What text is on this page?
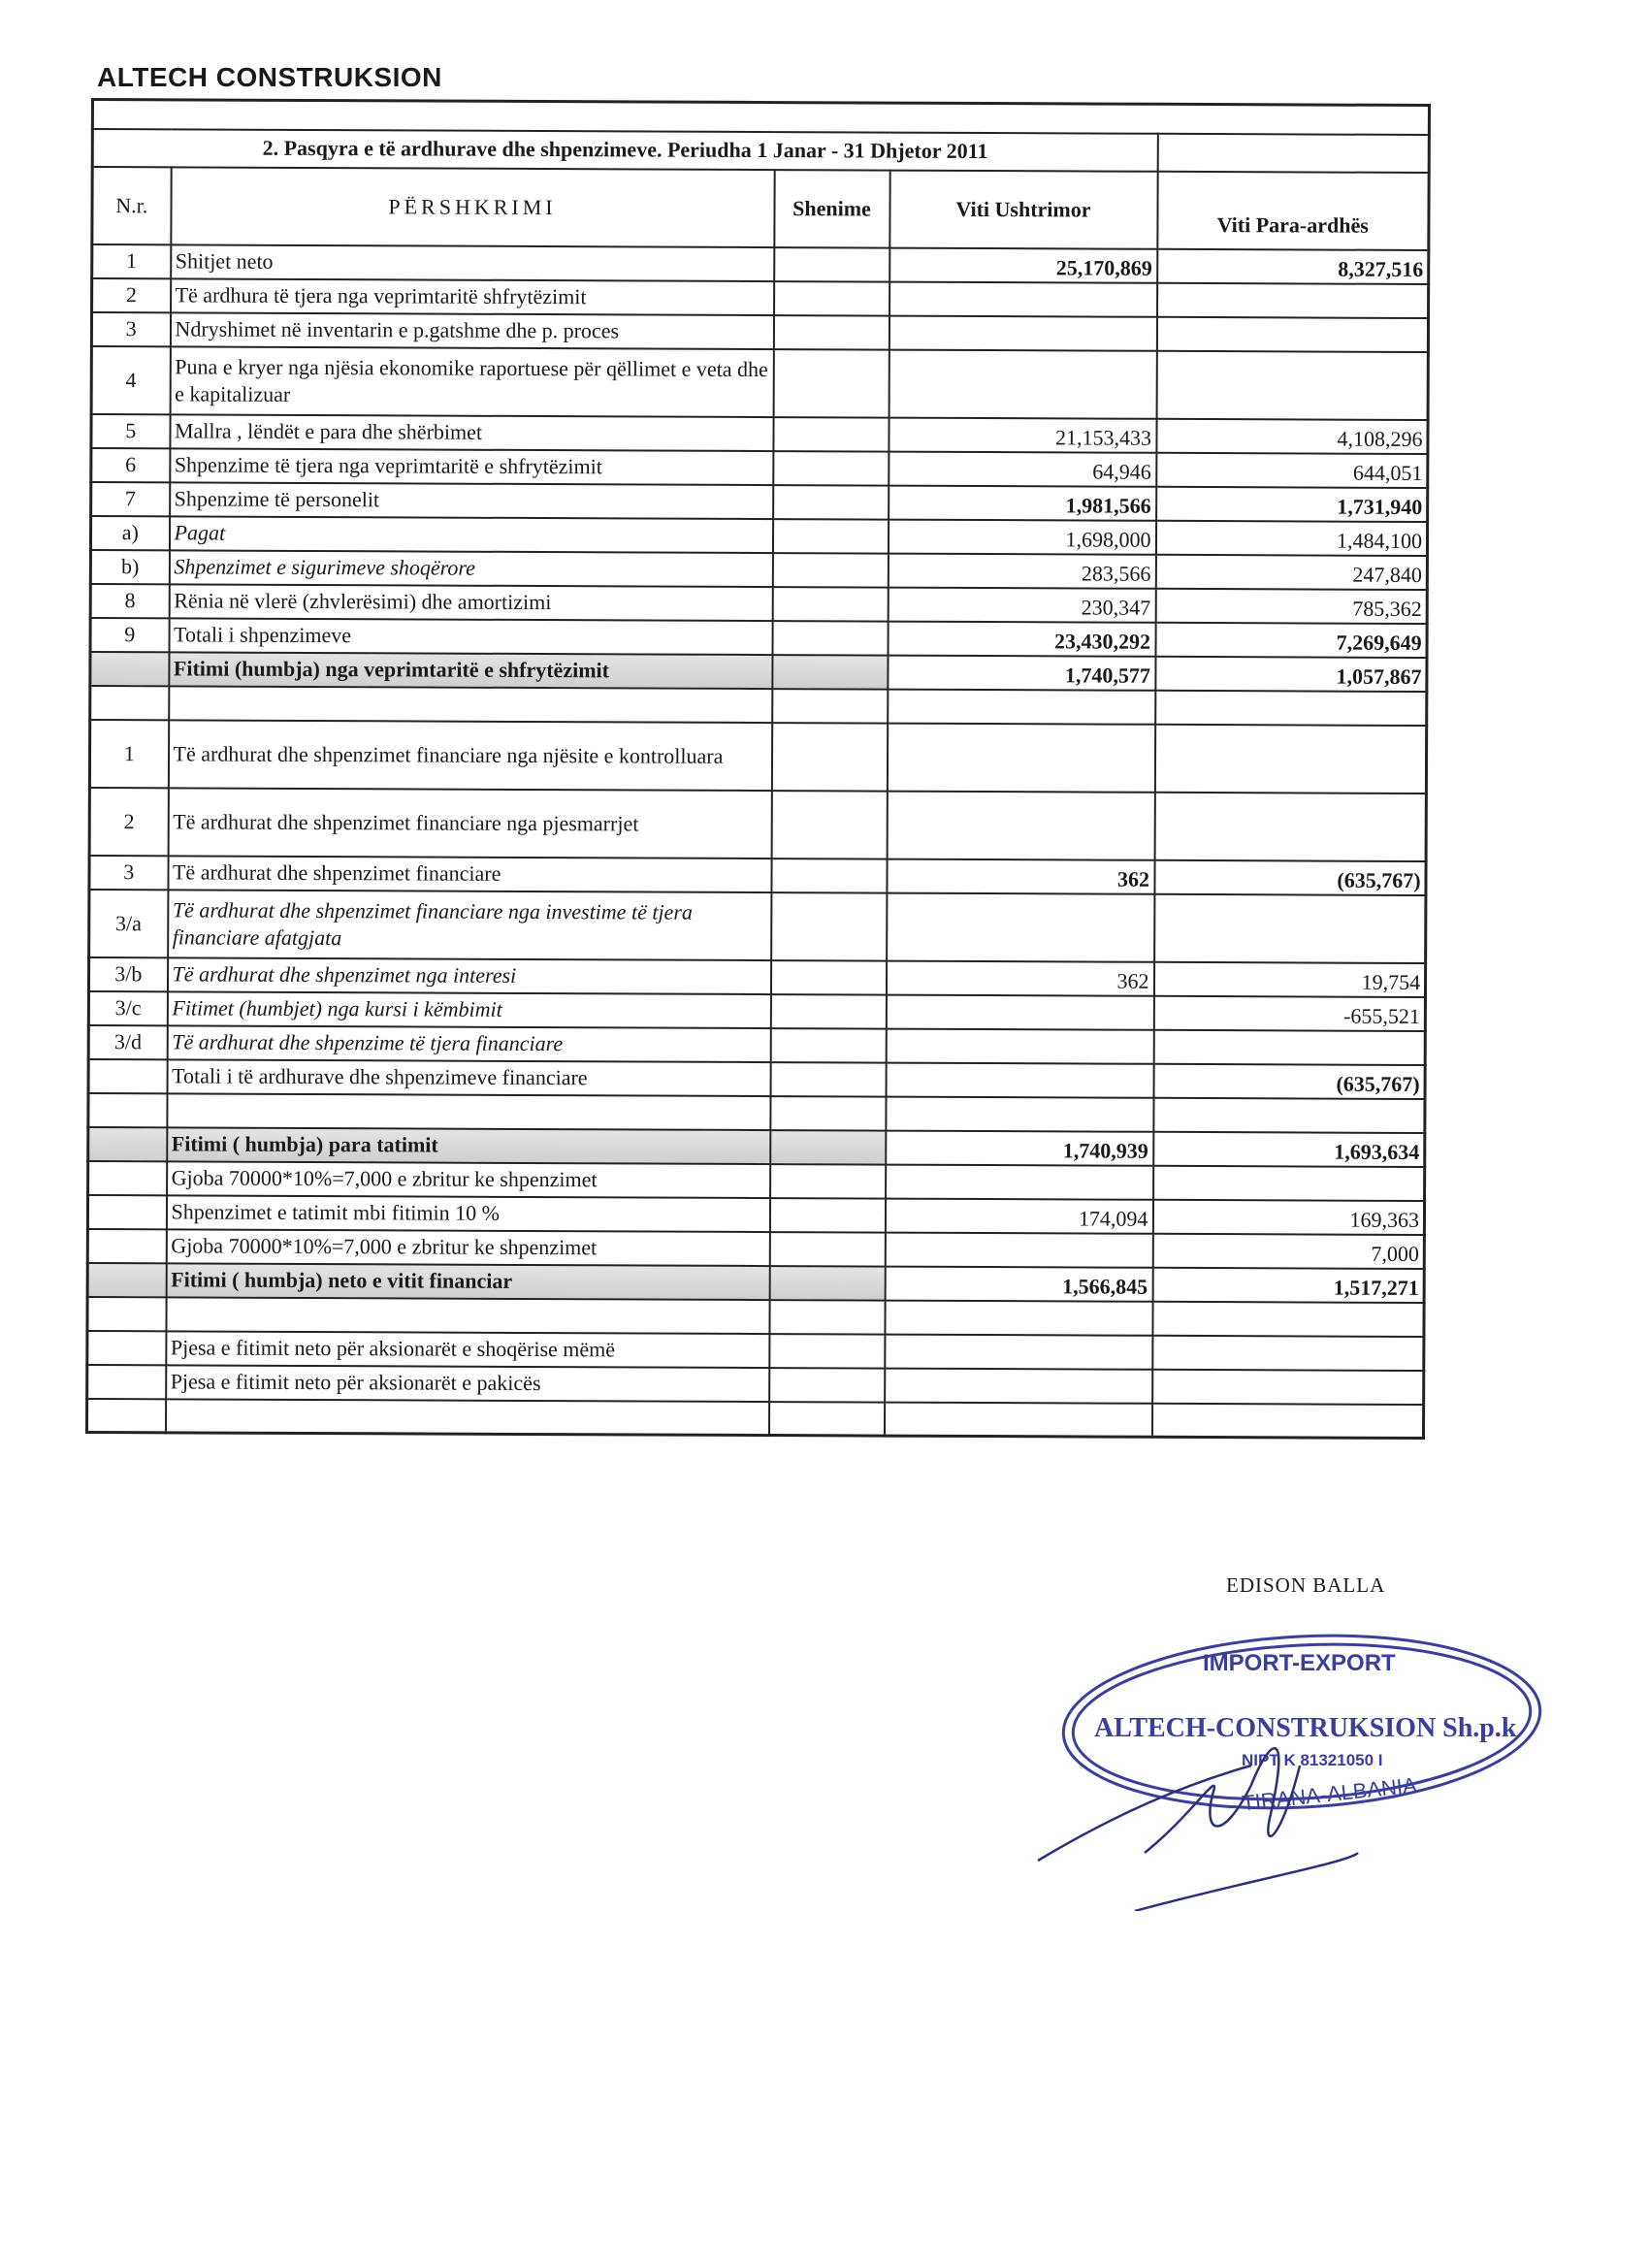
ALTECH CONSTRUKSION

2. Pasqyra e të ardhurave dhe shpenzimeve. Periudha 1 Janar - 31 Dhjetor 2011				
N.r.	PËRSHKRIMI	Shenime	Viti Ushtrimor	Viti Para-ardhës
1	Shitjet neto		25,170,869	8,327,516
2	Të ardhura të tjera nga veprimtaritë shfrytëzimit			
3	Ndryshimet në inventarin e p.gatshme dhe p. proces			
4	Puna e kryer nga njësia ekonomike raportuese për qëllimet e veta dhe e kapitalizuar			
5	Mallra , lëndët e para dhe shërbimet		21,153,433	4,108,296
6	Shpenzime të tjera nga veprimtaritë e shfrytëzimit		64,946	644,051
7	Shpenzime të personelit		1,981,566	1,731,940
a)	Pagat		1,698,000	1,484,100
b)	Shpenzimet e sigurimeve shoqërore		283,566	247,840
8	Rënia në vlerë (zhvlerësimi) dhe amortizimi		230,347	785,362
9	Totali i shpenzimeve		23,430,292	7,269,649
	Fitimi (humbja) nga veprimtaritë e shfrytëzimit		1,740,577	1,057,867

1	Të ardhurat dhe shpenzimet financiare nga njësite e kontrolluara			
2	Të ardhurat dhe shpenzimet financiare nga pjesmarrjet			
3	Të ardhurat dhe shpenzimet financiare		362	(635,767)
3/a	Të ardhurat dhe shpenzimet financiare nga investime të tjera financiare afatgjata			
3/b	Të ardhurat dhe shpenzimet nga interesi		362	19,754
3/c	Fitimet (humbjet) nga kursi i këmbimit			-655,521
3/d	Të ardhurat dhe shpenzime të tjera financiare			
	Totali i të ardhurave dhe shpenzimeve financiare			(635,767)

	Fitimi ( humbja) para tatimit		1,740,939	1,693,634
	Gjoba 70000*10%=7,000 e zbritur ke shpenzimet			
	Shpenzimet e tatimit mbi fitimin 10 %		174,094	169,363
	Gjoba 70000*10%=7,000 e zbritur ke shpenzimet			7,000
	Fitimi ( humbja) neto e vitit financiar		1,566,845	1,517,271

	Pjesa e fitimit neto për aksionarët e shoqërise mëmë			
	Pjesa e fitimit neto për aksionarët e pakicës			

EDISON BALLA
IMPORT-EXPORT
ALTECH-CONSTRUKSION Sh.p.k
NIPT K 81321050 I
TIRANA-ALBANIA
